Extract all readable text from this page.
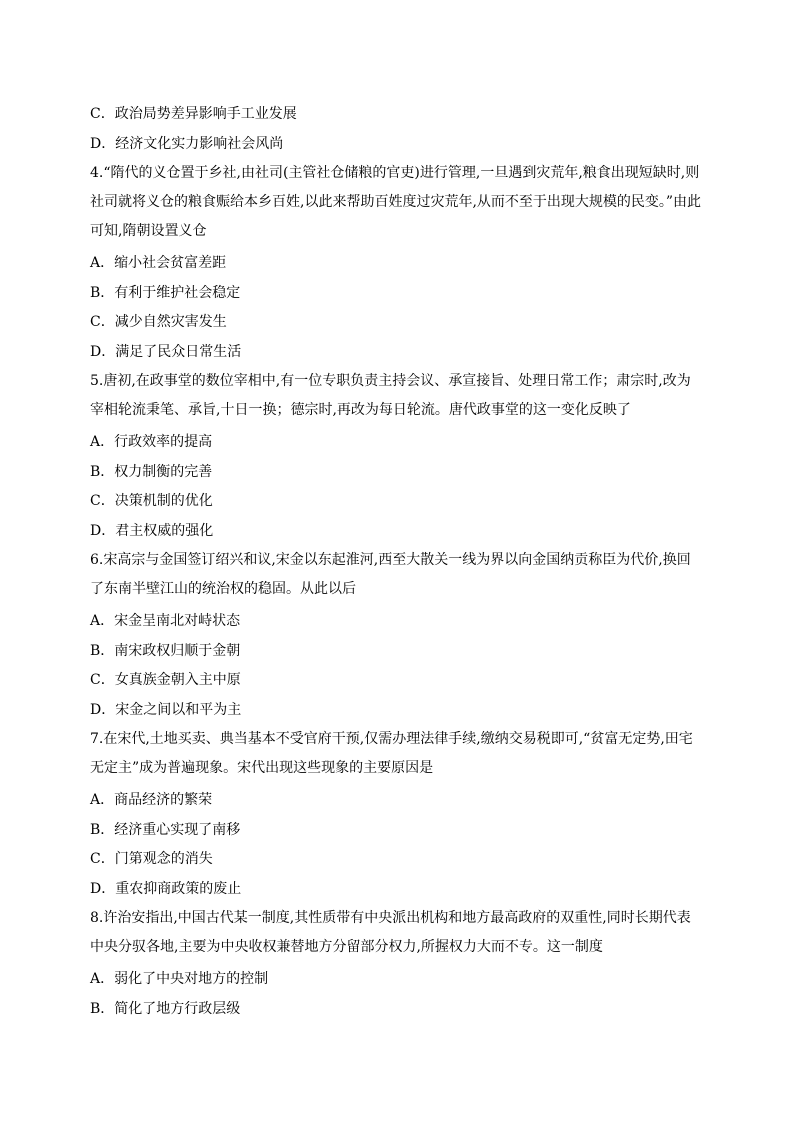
C．政治局势差异影响手工业发展
D．经济文化实力影响社会风尚
4.“隋代的义仓置于乡社,由社司(主管社仓储粮的官吏)进行管理,一旦遇到灾荒年,粮食出现短缺时,则社司就将义仓的粮食赈给本乡百姓,以此来帮助百姓度过灾荒年,从而不至于出现大规模的民变。”由此可知,隋朝设置义仓
A．缩小社会贫富差距
B．有利于维护社会稳定
C．减少自然灾害发生
D．满足了民众日常生活
5.唐初,在政事堂的数位宰相中,有一位专职负责主持会议、承宣接旨、处理日常工作；肃宗时,改为宰相轮流秉笔、承旨,十日一换；德宗时,再改为每日轮流。唐代政事堂的这一变化反映了
A．行政效率的提高
B．权力制衡的完善
C．决策机制的优化
D．君主权威的强化
6.宋高宗与金国签订绍兴和议,宋金以东起淮河,西至大散关一线为界以向金国纳贡称臣为代价,换回了东南半壁江山的统治权的稳固。从此以后
A．宋金呈南北对峙状态
B．南宋政权归顺于金朝
C．女真族金朝入主中原
D．宋金之间以和平为主
7.在宋代,土地买卖、典当基本不受官府干预,仅需办理法律手续,缴纳交易税即可,“贫富无定势,田宅无定主”成为普遍现象。宋代出现这些现象的主要原因是
A．商品经济的繁荣
B．经济重心实现了南移
C．门第观念的消失
D．重农抑商政策的废止
8.许治安指出,中国古代某一制度,其性质带有中央派出机构和地方最高政府的双重性,同时长期代表中央分驭各地,主要为中央收权兼替地方分留部分权力,所握权力大而不专。这一制度
A．弱化了中央对地方的控制
B．简化了地方行政层级
